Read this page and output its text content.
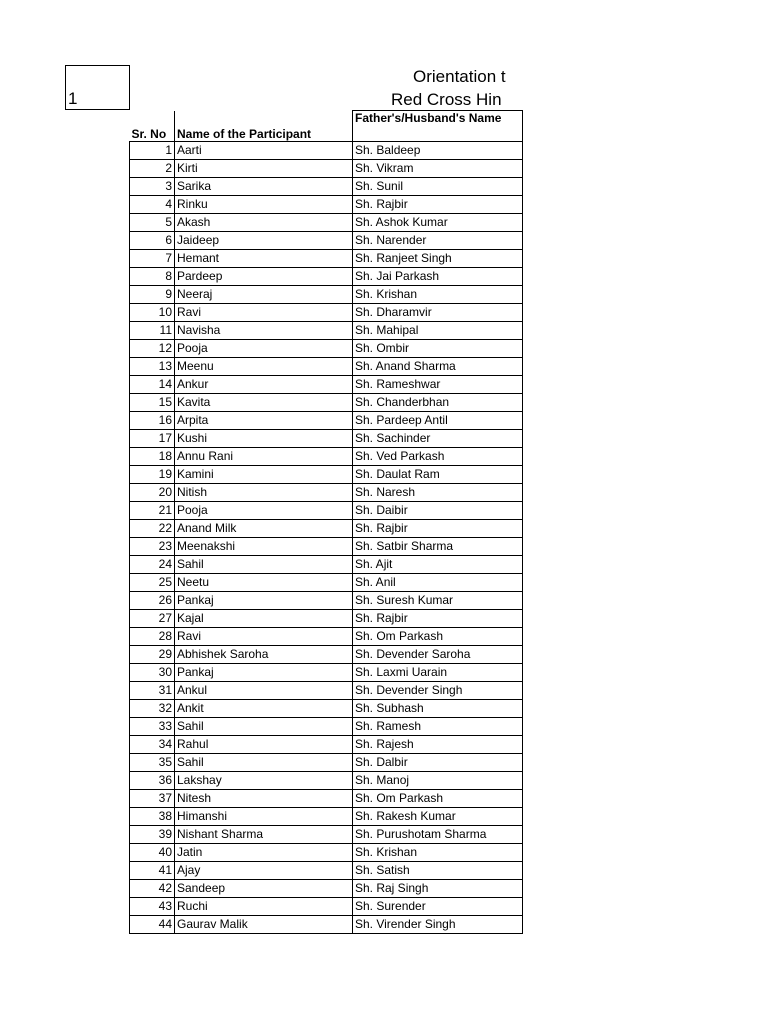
1
Orientation t
Red Cross Hin
Sr. No	Name of the Participant	Father's/Husband's Name
1	Aarti	Sh. Baldeep
2	Kirti	Sh. Vikram
3	Sarika	Sh. Sunil
4	Rinku	Sh. Rajbir
5	Akash	Sh. Ashok Kumar
6	Jaideep	Sh. Narender
7	Hemant	Sh. Ranjeet Singh
8	Pardeep	Sh. Jai Parkash
9	Neeraj	Sh. Krishan
10	Ravi	Sh. Dharamvir
11	Navisha	Sh. Mahipal
12	Pooja	Sh. Ombir
13	Meenu	Sh. Anand Sharma
14	Ankur	Sh. Rameshwar
15	Kavita	Sh. Chanderbhan
16	Arpita	Sh. Pardeep Antil
17	Kushi	Sh. Sachinder
18	Annu Rani	Sh. Ved Parkash
19	Kamini	Sh. Daulat Ram
20	Nitish	Sh. Naresh
21	Pooja	Sh. Daibir
22	Anand Milk	Sh. Rajbir
23	Meenakshi	Sh. Satbir Sharma
24	Sahil	Sh. Ajit
25	Neetu	Sh. Anil
26	Pankaj	Sh. Suresh Kumar
27	Kajal	Sh. Rajbir
28	Ravi	Sh. Om Parkash
29	Abhishek Saroha	Sh. Devender Saroha
30	Pankaj	Sh. Laxmi Uarain
31	Ankul	Sh. Devender Singh
32	Ankit	Sh. Subhash
33	Sahil	Sh. Ramesh
34	Rahul	Sh. Rajesh
35	Sahil	Sh. Dalbir
36	Lakshay	Sh. Manoj
37	Nitesh	Sh. Om Parkash
38	Himanshi	Sh. Rakesh Kumar
39	Nishant Sharma	Sh. Purushotam Sharma
40	Jatin	Sh. Krishan
41	Ajay	Sh. Satish
42	Sandeep	Sh. Raj Singh
43	Ruchi	Sh. Surender
44	Gaurav Malik	Sh. Virender Singh
